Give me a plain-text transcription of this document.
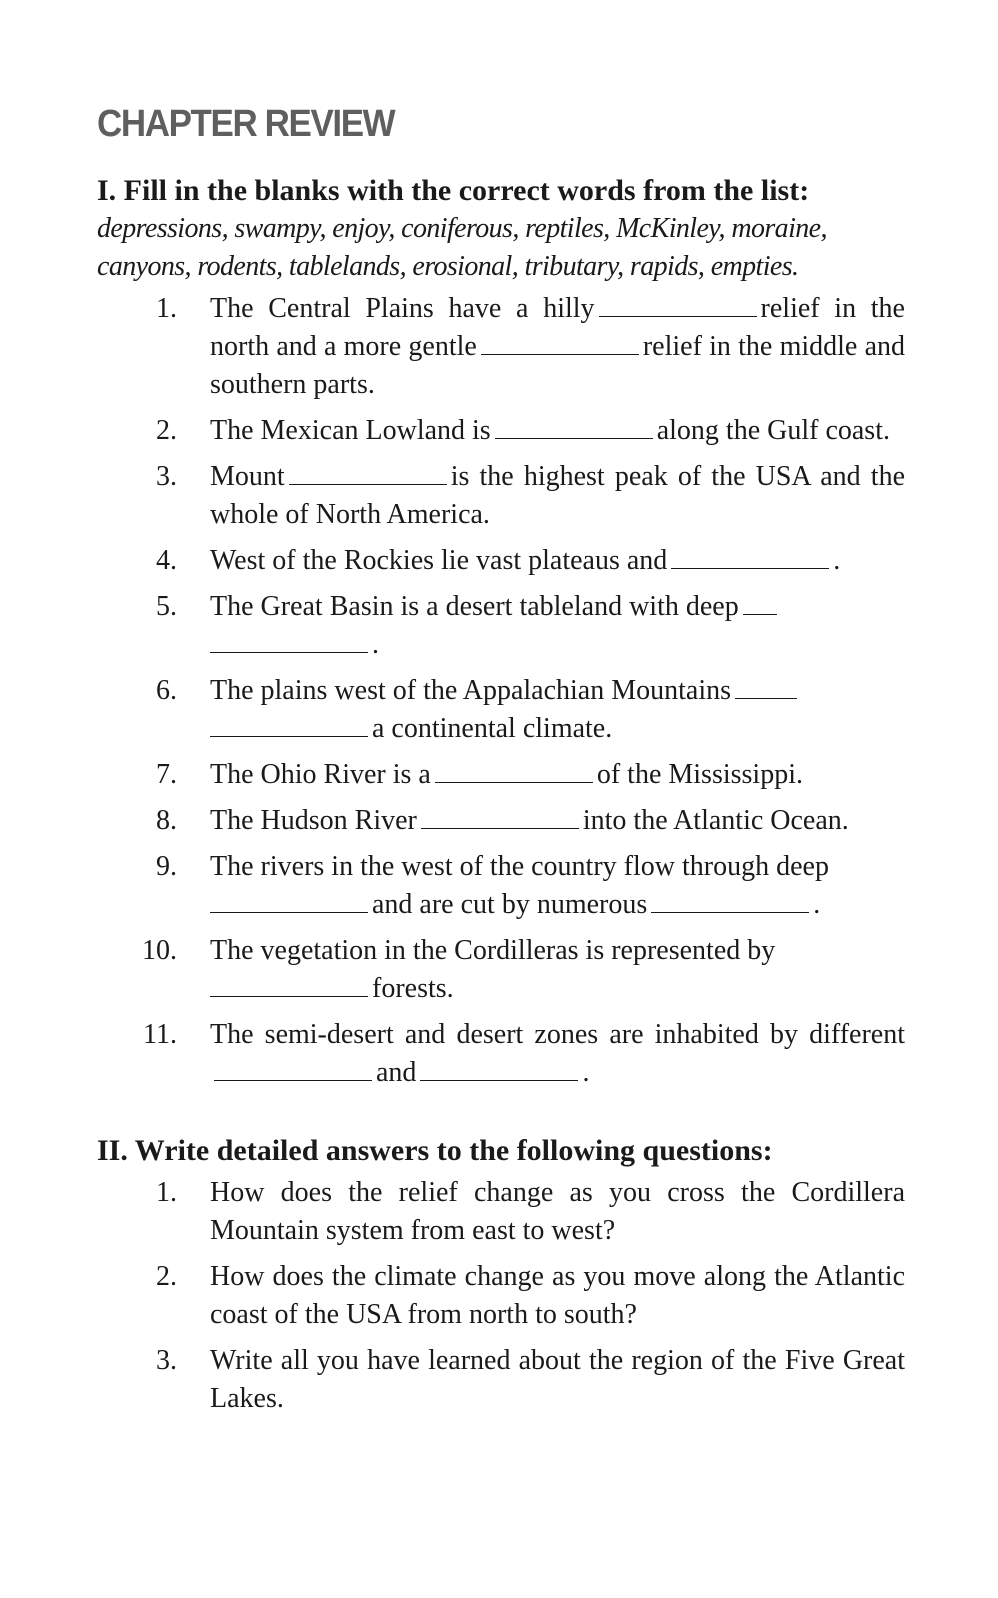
CHAPTER REVIEW

I. Fill in the blanks with the correct words from the list:

depressions, swampy, enjoy, coniferous, reptiles, McKinley, moraine, canyons, rodents, tablelands, erosional, tributary, rapids, empties.

1. The Central Plains have a hilly	relief in the north and a more gentle	relief in the middle and southern parts.
2. The Mexican Lowland is	along the Gulf coast.
3. Mount	is the highest peak of the USA and the whole of North America.
4. West of the Rockies lie vast plateaus and	.
5. The Great Basin is a desert tableland with deep
.
6. The plains west of the Appalachian Mountains
a continental climate.
7. The Ohio River is a	of the Mississippi.
8. The Hudson River	into the Atlantic Ocean.
9. The rivers in the west of the country flow through deep
and are cut by numerous	.
10. The vegetation in the Cordilleras is represented by
forests.
11. The semi-desert and desert zones are inhabited by differentand	.

II. Write detailed answers to the following questions:

1. How does the relief change as you cross the Cordillera Mountain system from east to west?
2. How does the climate change as you move along the Atlantic coast of the USA from north to south?
3. Write all you have learned about the region of the Five Great Lakes.
